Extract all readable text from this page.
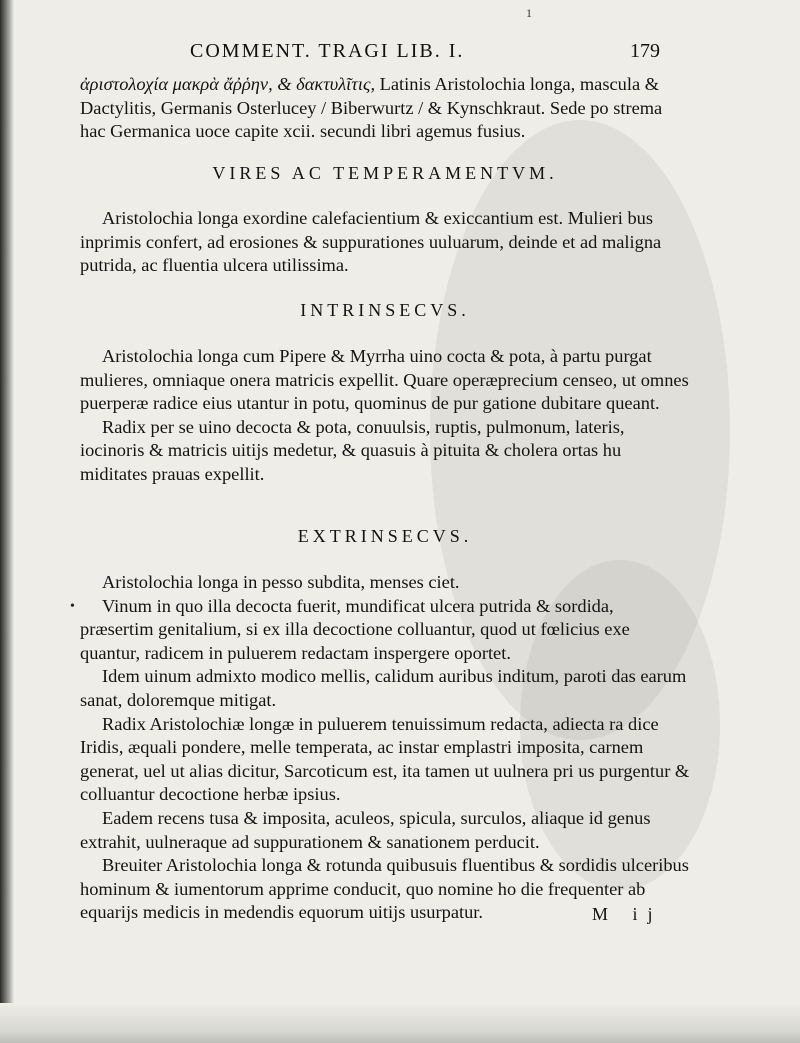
1
COMMENT. TRAGI LIB. I.	179

ἀριστολοχία μακρὰ ἄῤῥην, & δακτυλῖτις, Latinis Aristolochia longa, mascula & Dactylitis, Germanis Osterlucey / Biberwurtz / & Kynschkraut. Sede po strema hac Germanica uoce capite xcii. secundi libri agemus fusius.

VIRES AC TEMPERAMENTVM.

Aristolochia longa exordine calefacientium & exiccantium est. Mulieri bus inprimis confert, ad erosiones & suppurationes uuluarum, deinde et ad maligna putrida, ac fluentia ulcera utilissima.

INTRINSECVS.

Aristolochia longa cum Pipere & Myrrha uino cocta & pota, à partu purgat mulieres, omniaque onera matricis expellit. Quare operæprecium censeo, ut omnes puerperæ radice eius utantur in potu, quominus de pur gatione dubitare queant.

Radix per se uino decocta & pota, conuulsis, ruptis, pulmonum, lateris, iocinoris & matricis uitijs medetur, & quasuis à pituita & cholera ortas hu miditates prauas expellit.

EXTRINSECVS.
•

Aristolochia longa in pesso subdita, menses ciet.

Vinum in quo illa decocta fuerit, mundificat ulcera putrida & sordida, præsertim genitalium, si ex illa decoctione colluantur, quod ut fœlicius exe quantur, radicem in puluerem redactam inspergere oportet.

Idem uinum admixto modico mellis, calidum auribus inditum, paroti das earum sanat, doloremque mitigat.

Radix Aristolochiæ longæ in puluerem tenuissimum redacta, adiecta ra dice Iridis, æquali pondere, melle temperata, ac instar emplastri imposita, carnem generat, uel ut alias dicitur, Sarcoticum est, ita tamen ut uulnera pri us purgentur & colluantur decoctione herbæ ipsius.

Eadem recens tusa & imposita, aculeos, spicula, surculos, aliaque id genus extrahit, uulneraque ad suppurationem & sanationem perducit.

Breuiter Aristolochia longa & rotunda quibusuis fluentibus & sordidis ulceribus hominum & iumentorum apprime conducit, quo nomine ho die frequenter ab equarijs medicis in medendis equorum uitijs usurpatur.	M ij
